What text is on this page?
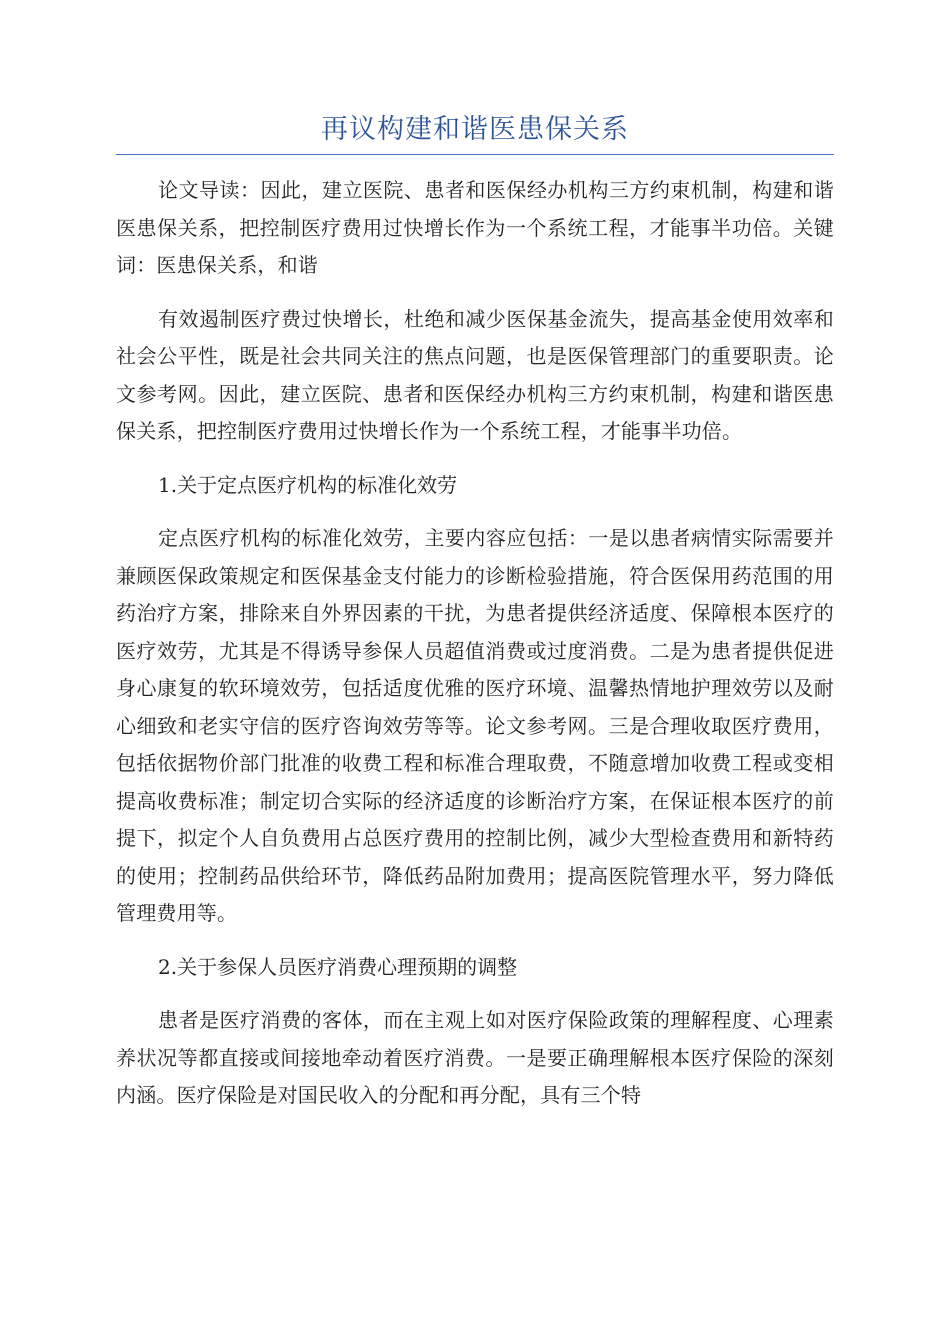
再议构建和谐医患保关系

论文导读：因此，建立医院、患者和医保经办机构三方约束机制，构建和谐医患保关系，把控制医疗费用过快增长作为一个系统工程，才能事半功倍。关键词：医患保关系，和谐

有效遏制医疗费过快增长，杜绝和减少医保基金流失，提高基金使用效率和社会公平性，既是社会共同关注的焦点问题，也是医保管理部门的重要职责。论文参考网。因此，建立医院、患者和医保经办机构三方约束机制，构建和谐医患保关系，把控制医疗费用过快增长作为一个系统工程，才能事半功倍。

1.关于定点医疗机构的标准化效劳

定点医疗机构的标准化效劳，主要内容应包括：一是以患者病情实际需要并兼顾医保政策规定和医保基金支付能力的诊断检验措施，符合医保用药范围的用药治疗方案，排除来自外界因素的干扰，为患者提供经济适度、保障根本医疗的医疗效劳，尤其是不得诱导参保人员超值消费或过度消费。二是为患者提供促进身心康复的软环境效劳，包括适度优雅的医疗环境、温馨热情地护理效劳以及耐心细致和老实守信的医疗咨询效劳等等。论文参考网。三是合理收取医疗费用，包括依据物价部门批准的收费工程和标准合理取费，不随意增加收费工程或变相提高收费标准；制定切合实际的经济适度的诊断治疗方案，在保证根本医疗的前提下，拟定个人自负费用占总医疗费用的控制比例，减少大型检查费用和新特药的使用；控制药品供给环节，降低药品附加费用；提高医院管理水平，努力降低管理费用等。

2.关于参保人员医疗消费心理预期的调整

患者是医疗消费的客体，而在主观上如对医疗保险政策的理解程度、心理素养状况等都直接或间接地牵动着医疗消费。一是要正确理解根本医疗保险的深刻内涵。医疗保险是对国民收入的分配和再分配，具有三个特
